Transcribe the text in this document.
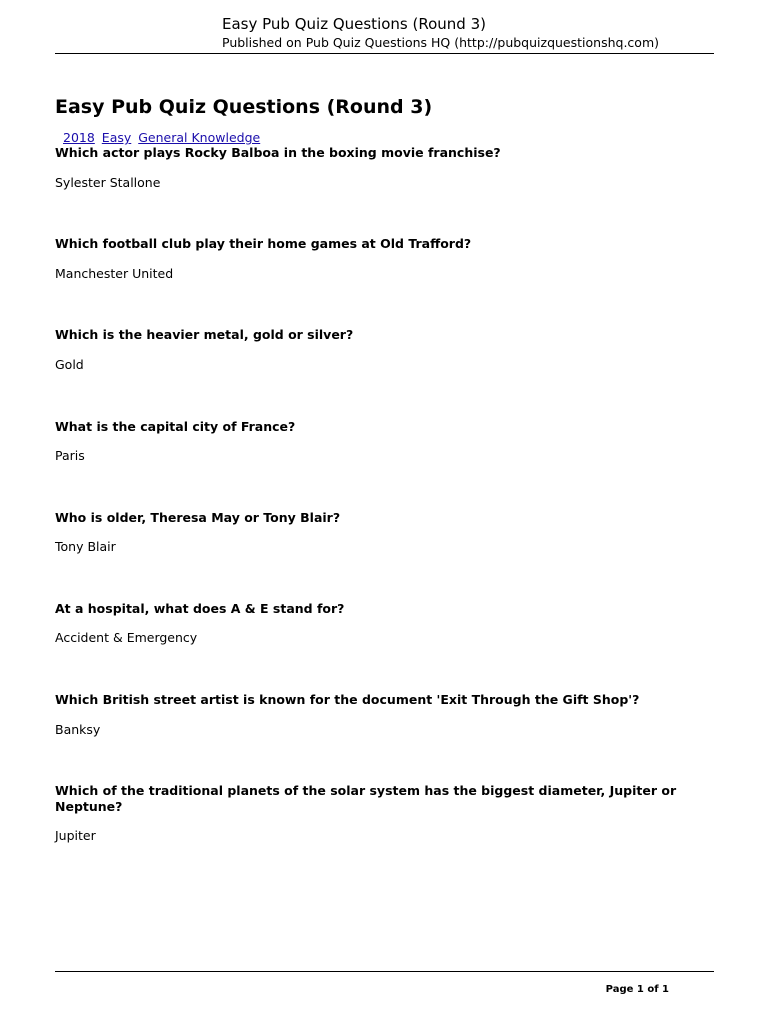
Easy Pub Quiz Questions (Round 3)
Published on Pub Quiz Questions HQ (http://pubquizquestionshq.com)
Easy Pub Quiz Questions (Round 3)
2018 Easy General Knowledge

Which actor plays Rocky Balboa in the boxing movie franchise?

Sylester Stallone

Which football club play their home games at Old Trafford?

Manchester United

Which is the heavier metal, gold or silver?

Gold

What is the capital city of France?

Paris

Who is older, Theresa May or Tony Blair?

Tony Blair

At a hospital, what does A & E stand for?

Accident & Emergency

Which British street artist is known for the document 'Exit Through the Gift Shop'?

Banksy

Which of the traditional planets of the solar system has the biggest diameter, Jupiter or Neptune?

Jupiter

Page 1 of 1
